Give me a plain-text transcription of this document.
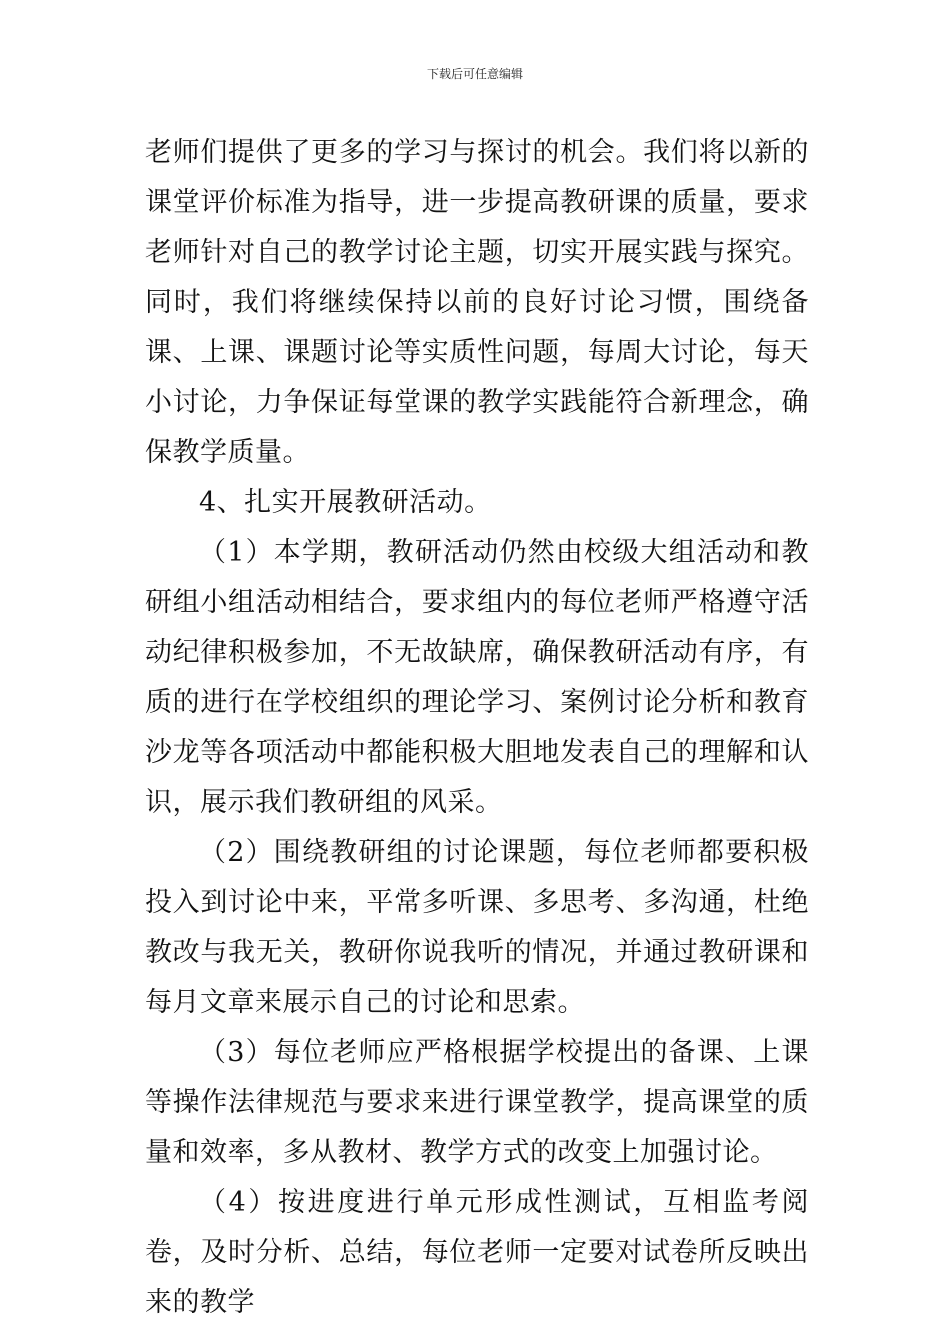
下载后可任意编辑

老师们提供了更多的学习与探讨的机会。我们将以新的课堂评价标准为指导，进一步提高教研课的质量，要求老师针对自己的教学讨论主题，切实开展实践与探究。同时，我们将继续保持以前的良好讨论习惯，围绕备课、上课、课题讨论等实质性问题，每周大讨论，每天小讨论，力争保证每堂课的教学实践能符合新理念，确保教学质量。

4、扎实开展教研活动。

（1）本学期，教研活动仍然由校级大组活动和教研组小组活动相结合，要求组内的每位老师严格遵守活动纪律积极参加，不无故缺席，确保教研活动有序，有质的进行在学校组织的理论学习、案例讨论分析和教育沙龙等各项活动中都能积极大胆地发表自己的理解和认识，展示我们教研组的风采。

（2）围绕教研组的讨论课题，每位老师都要积极投入到讨论中来，平常多听课、多思考、多沟通，杜绝教改与我无关，教研你说我听的情况，并通过教研课和每月文章来展示自己的讨论和思索。

（3）每位老师应严格根据学校提出的备课、上课等操作法律规范与要求来进行课堂教学，提高课堂的质量和效率，多从教材、教学方式的改变上加强讨论。

（4）按进度进行单元形成性测试，互相监考阅卷，及时分析、总结，每位老师一定要对试卷所反映出来的教学
